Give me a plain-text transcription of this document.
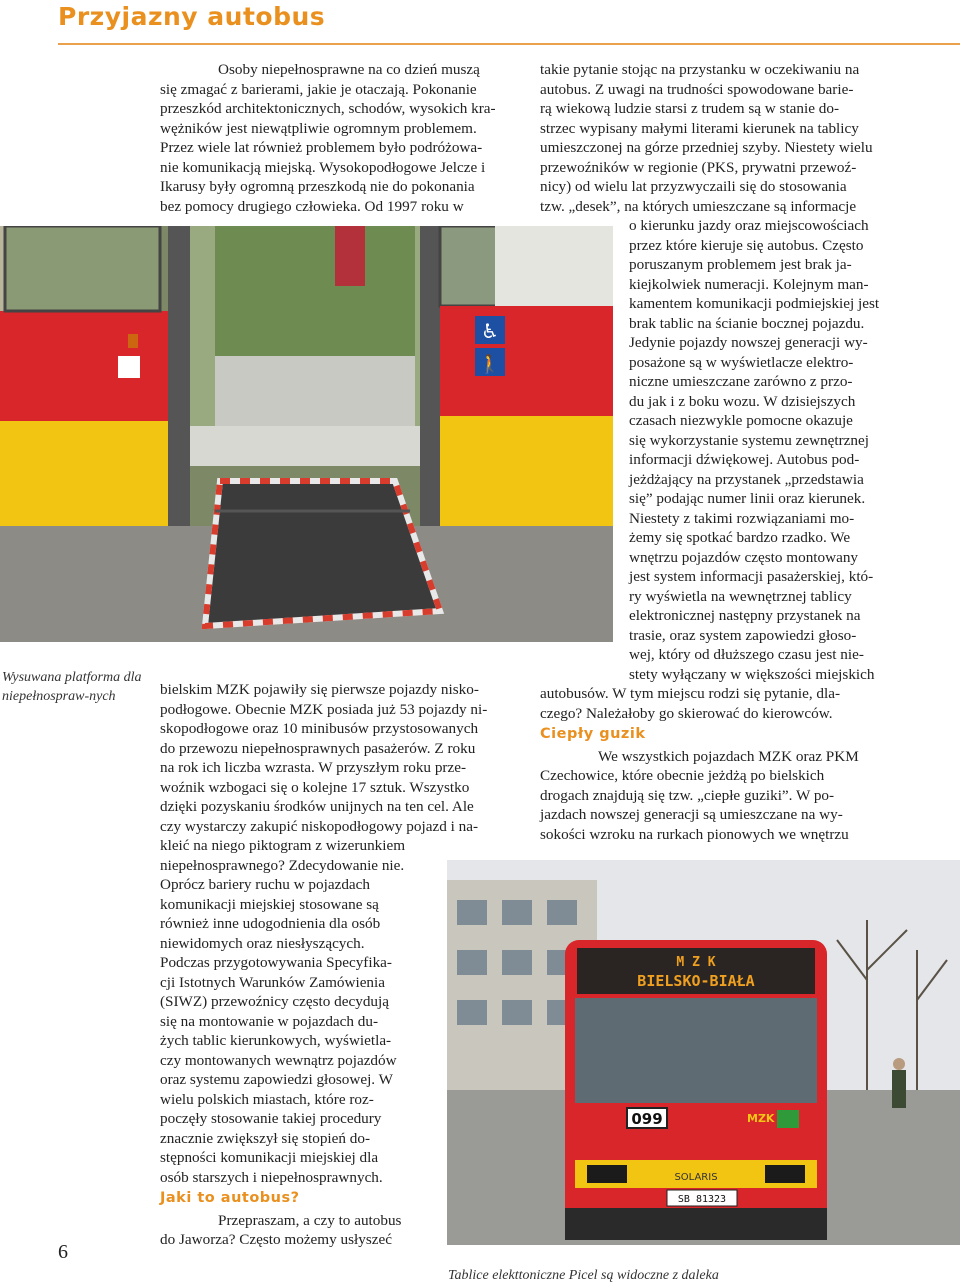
Przyjazny autobus

Osoby niepełnosprawne na co dzień muszą

się zmagać z barierami, jakie je otaczają. Pokonanie

przeszkód architektonicznych, schodów, wysokich kra-

wężników jest niewątpliwie ogromnym problemem.

Przez wiele lat również problemem było podróżowa-

nie komunikacją miejską. Wysokopodłogowe Jelcze i

Ikarusy były ogromną przeszkodą nie do pokonania

bez pomocy drugiego człowieka. Od 1997 roku w

♿
🚶
Wysuwana platforma dla niepełnospraw-nych	bielskim MZK pojawiły się pierwsze pojazdy nisko-

podłogowe. Obecnie MZK posiada już 53 pojazdy ni-

skopodłogowe oraz 10 minibusów przystosowanych

do przewozu niepełnosprawnych pasażerów. Z roku

na rok ich liczba wzrasta. W przyszłym roku prze-

woźnik wzbogaci się o kolejne 17 sztuk. Wszystko

dzięki pozyskaniu środków unijnych na ten cel. Ale

czy wystarczy zakupić niskopodłogowy pojazd i na-

kleić na niego piktogram z wizerunkiem

niepełnosprawnego? Zdecydowanie nie.

Oprócz bariery ruchu w pojazdach

komunikacji miejskiej stosowane są

również inne udogodnienia dla osób

niewidomych oraz niesłyszących.

Podczas przygotowywania Specyfika-

cji Istotnych Warunków Zamówienia

(SIWZ) przewoźnicy często decydują

się na montowanie w pojazdach du-

żych tablic kierunkowych, wyświetla-

czy montowanych wewnątrz pojazdów

oraz systemu zapowiedzi głosowej. W

wielu polskich miastach, które roz-

poczęły stosowanie takiej procedury

znacznie zwiększył się stopień do-

stępności komunikacji miejskiej dla

osób starszych i niepełnosprawnych.

Jaki to autobus?

Przepraszam, a czy to autobus

do Jaworza? Często możemy usłyszeć

takie pytanie stojąc na przystanku w oczekiwaniu na

autobus. Z uwagi na trudności spowodowane barie-

rą wiekową ludzie starsi z trudem są w stanie do-

strzec wypisany małymi literami kierunek na tablicy

umieszczonej na górze przedniej szyby. Niestety wielu

przewoźników w regionie (PKS, prywatni przewoź-

nicy) od wielu lat przyzwyczaili się do stosowania

tzw. „desek”, na których umieszczane są informacje

o kierunku jazdy oraz miejscowościach

przez które kieruje się autobus. Często

poruszanym problemem jest brak ja-

kiejkolwiek numeracji. Kolejnym man-

kamentem komunikacji podmiejskiej jest

brak tablic na ścianie bocznej pojazdu.

Jedynie pojazdy nowszej generacji wy-

posażone są w wyświetlacze elektro-

niczne umieszczane zarówno z przo-

du jak i z boku wozu. W dzisiejszych

czasach niezwykle pomocne okazuje

się wykorzystanie systemu zewnętrznej

informacji dźwiękowej. Autobus pod-

jeżdżający na przystanek „przedstawia

się” podając numer linii oraz kierunek.

Niestety z takimi rozwiązaniami mo-

żemy się spotkać bardzo rzadko. We

wnętrzu pojazdów często montowany

jest system informacji pasażerskiej, któ-

ry wyświetla na wewnętrznej tablicy

elektronicznej następny przystanek na

trasie, oraz system zapowiedzi głoso-

wej, który od dłuższego czasu jest nie-

stety wyłączany w większości miejskich

autobusów. W tym miejscu rodzi się pytanie, dla-

czego? Należałoby go skierować do kierowców.

Ciepły guzik

We wszystkich pojazdach MZK oraz PKM

Czechowice, które obecnie jeżdżą po bielskich

drogach znajdują się tzw. „ciepłe guziki”. W po-

jazdach nowszej generacji są umieszczane na wy-

sokości wzroku na rurkach pionowych we wnętrzu

M Z K
BIELSKO-BIAŁA
099	MZK
SOLARIS
SB 81323
Tablice elekttoniczne Picel są widoczne z daleka
6
